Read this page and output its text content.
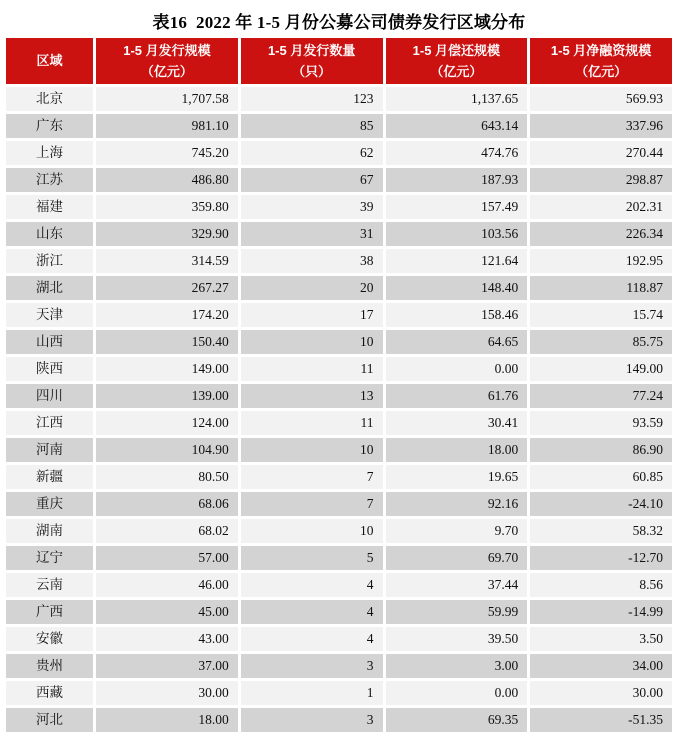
表16  2022 年 1-5 月份公募公司债券发行区域分布
区域

1-5 月发行规模
（亿元）

1-5 月发行数量
（只）

1-5 月偿还规模
（亿元）

1-5 月净融资规模
（亿元）

北京	1,707.58	123	1,137.65	569.93
广东	981.10	85	643.14	337.96
上海	745.20	62	474.76	270.44
江苏	486.80	67	187.93	298.87
福建	359.80	39	157.49	202.31
山东	329.90	31	103.56	226.34
浙江	314.59	38	121.64	192.95
湖北	267.27	20	148.40	118.87
天津	174.20	17	158.46	15.74
山西	150.40	10	64.65	85.75
陕西	149.00	11	0.00	149.00
四川	139.00	13	61.76	77.24
江西	124.00	11	30.41	93.59
河南	104.90	10	18.00	86.90
新疆	80.50	7	19.65	60.85
重庆	68.06	7	92.16	-24.10
湖南	68.02	10	9.70	58.32
辽宁	57.00	5	69.70	-12.70
云南	46.00	4	37.44	8.56
广西	45.00	4	59.99	-14.99
安徽	43.00	4	39.50	3.50
贵州	37.00	3	3.00	34.00
西藏	30.00	1	0.00	30.00
河北	18.00	3	69.35	-51.35
